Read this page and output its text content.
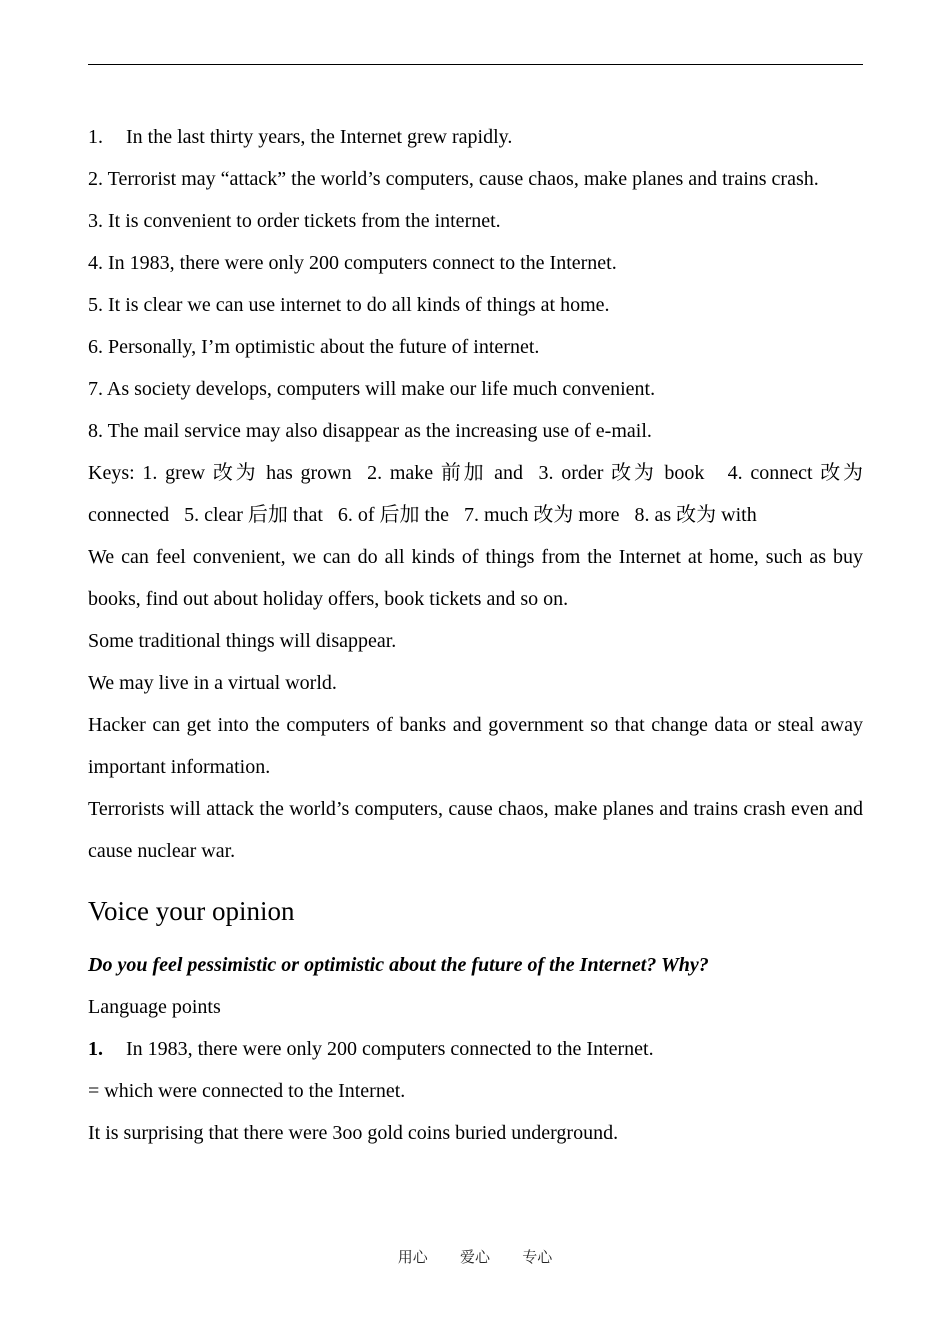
1. In the last thirty years, the Internet grew rapidly.

2. Terrorist may “attack” the world’s computers, cause chaos, make planes and trains crash.

3. It is convenient to order tickets from the internet.

4. In 1983, there were only 200 computers connect to the Internet.

5. It is clear we can use internet to do all kinds of things at home.

6. Personally, I’m optimistic about the future of internet.

7. As society develops, computers will make our life much convenient.

8. The mail service may also disappear as the increasing use of e-mail.

Keys: 1. grew 改为 has grown  2. make 前加 and  3. order 改为 book   4. connect 改为 connected   5. clear 后加 that   6. of 后加 the   7. much 改为 more   8. as 改为 with

We can feel convenient, we can do all kinds of things from the Internet at home, such as buy books, find out about holiday offers, book tickets and so on.

Some traditional things will disappear.

We may live in a virtual world.

Hacker can get into the computers of banks and government so that change data or steal away important information.

Terrorists will attack the world’s computers, cause chaos, make planes and trains crash even and cause nuclear war.

Voice your opinion

Do you feel pessimistic or optimistic about the future of the Internet? Why?

Language points

1. In 1983, there were only 200 computers connected to the Internet.

= which were connected to the Internet.

It is surprising that there were 3oo gold coins buried underground.

用心   爱心   专心
